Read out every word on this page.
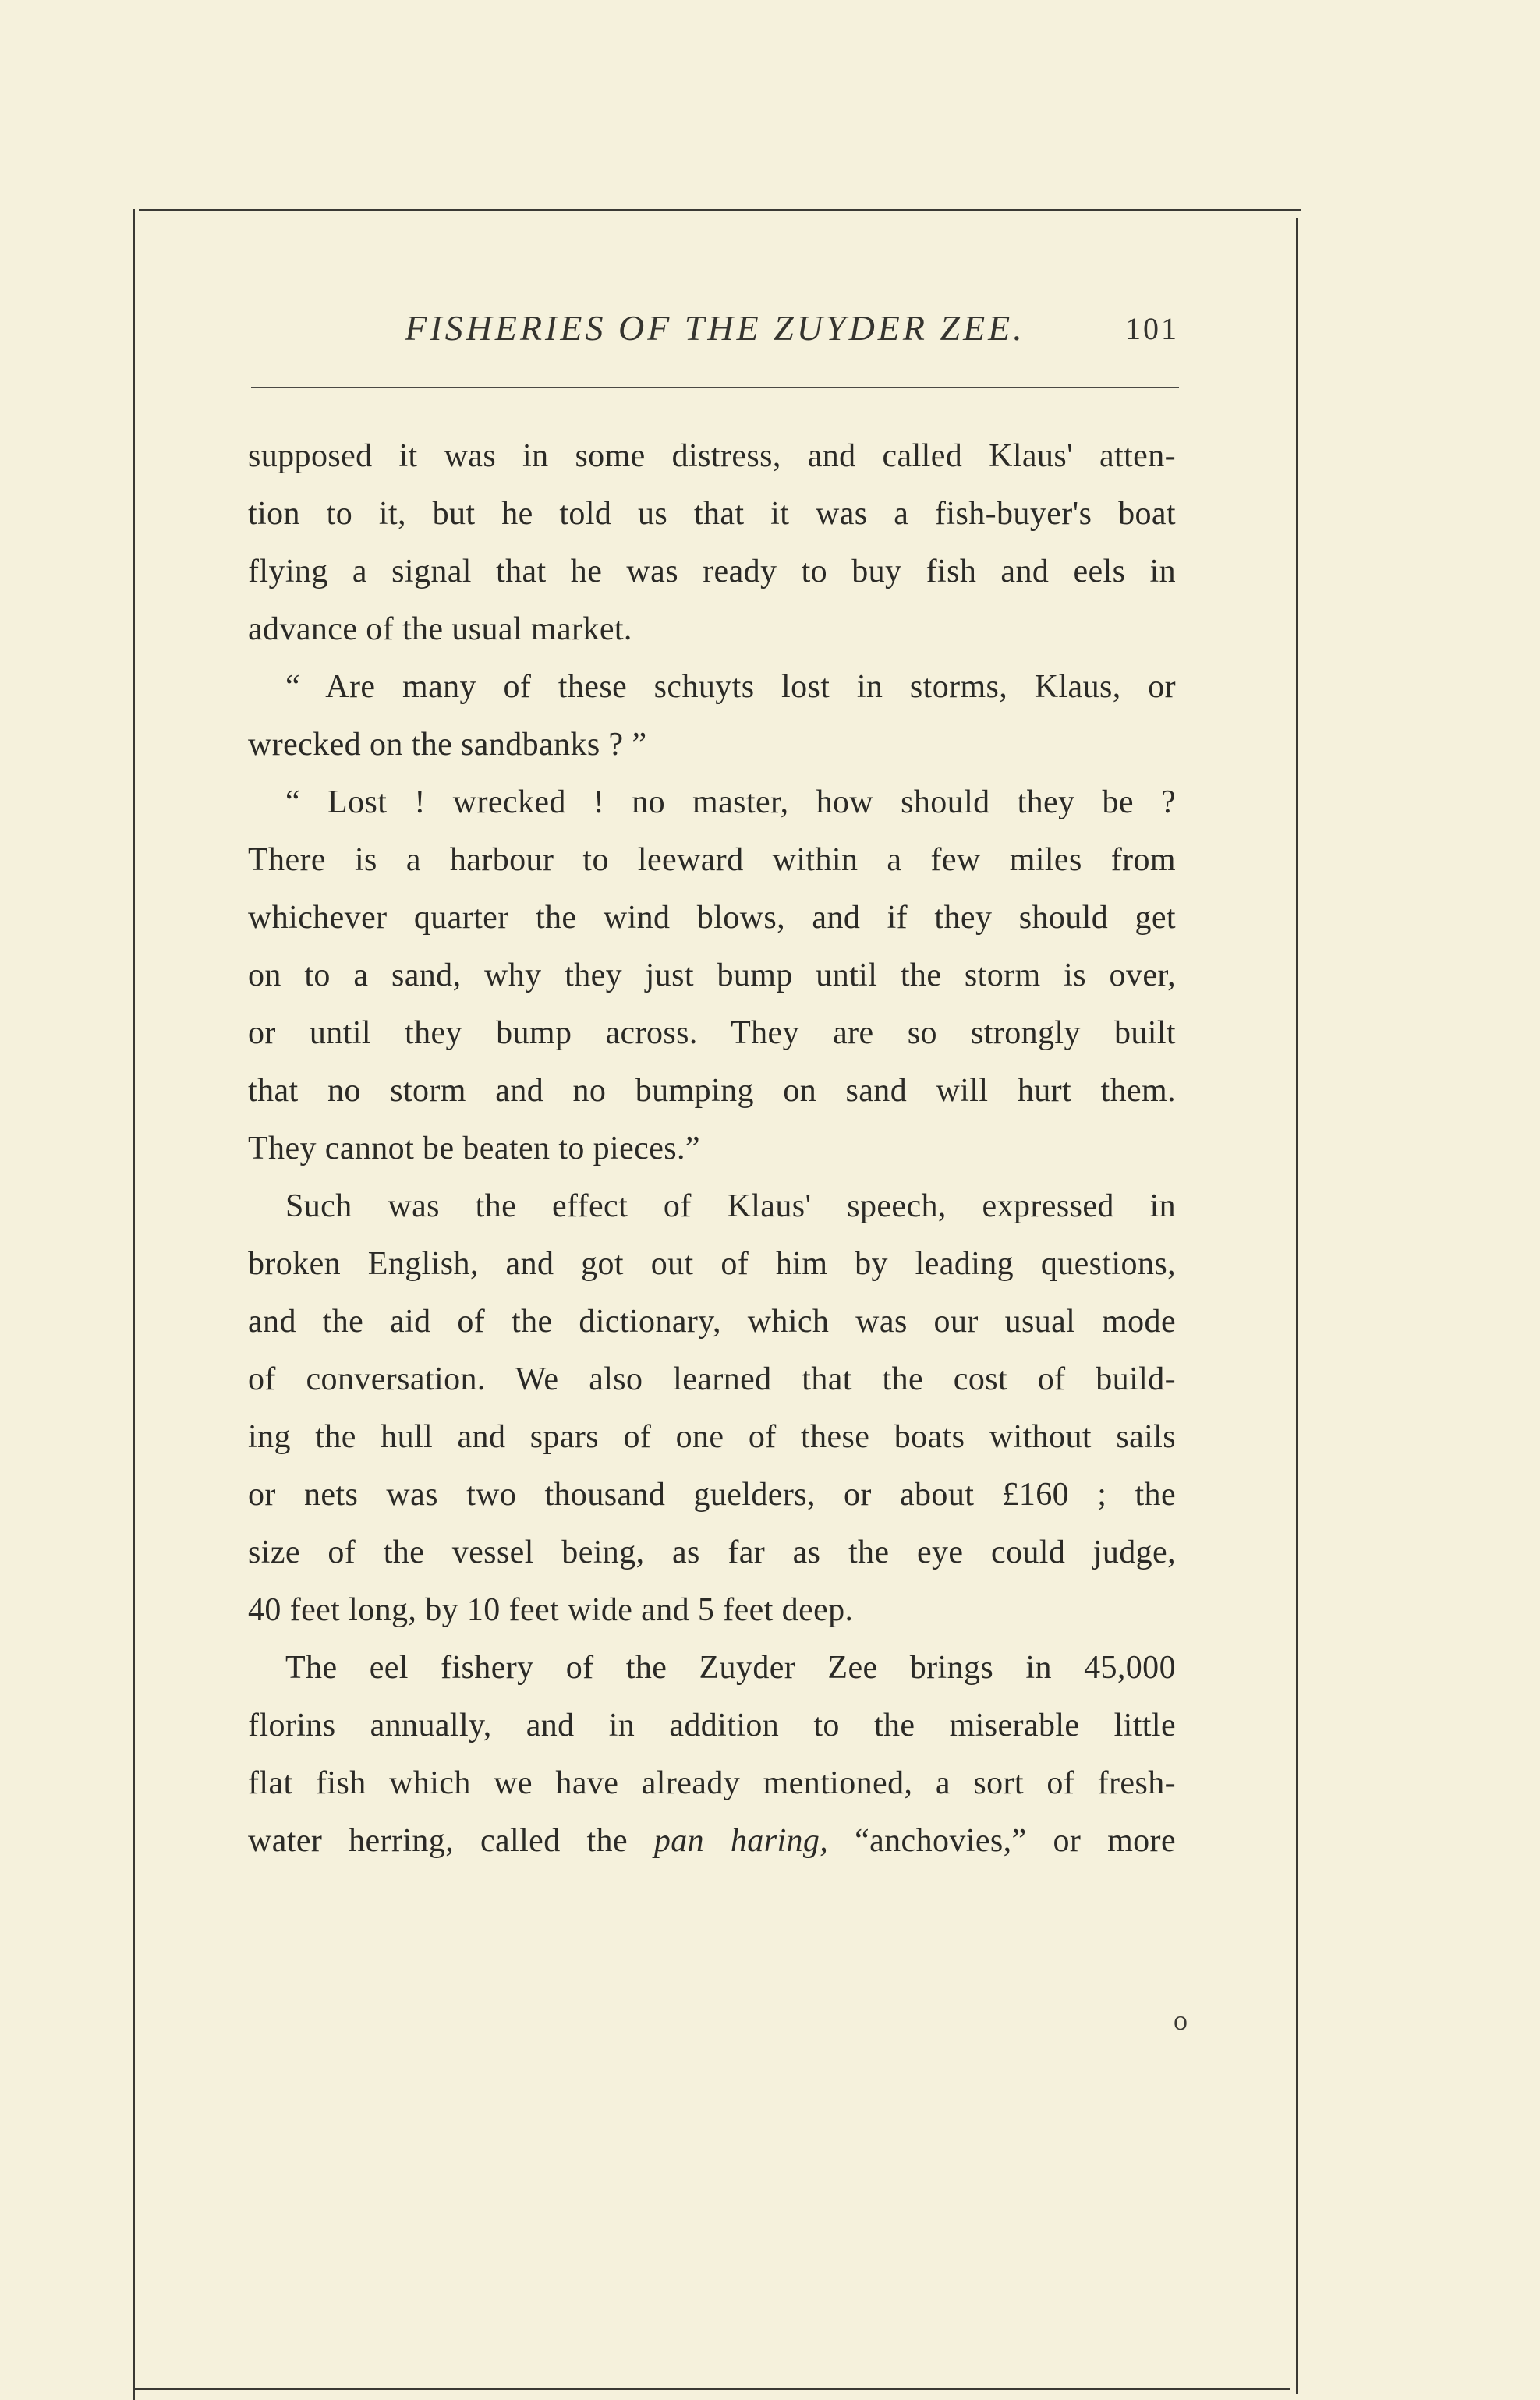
FISHERIES OF THE ZUYDER ZEE.	101
supposed it was in some distress, and called Klaus' atten-
tion to it, but he told us that it was a fish-buyer's boat
flying a signal that he was ready to buy fish and eels in
advance of the usual market.
“ Are many of these schuyts lost in storms, Klaus, or
wrecked on the sandbanks ? ”
“ Lost ! wrecked ! no master, how should they be ?
There is a harbour to leeward within a few miles from
whichever quarter the wind blows, and if they should get
on to a sand, why they just bump until the storm is over,
or until they bump across. They are so strongly built
that no storm and no bumping on sand will hurt them.
They cannot be beaten to pieces.”
Such was the effect of Klaus' speech, expressed in
broken English, and got out of him by leading questions,
and the aid of the dictionary, which was our usual mode
of conversation. We also learned that the cost of build-
ing the hull and spars of one of these boats without sails
or nets was two thousand guelders, or about £160 ; the
size of the vessel being, as far as the eye could judge,
40 feet long, by 10 feet wide and 5 feet deep.
The eel fishery of the Zuyder Zee brings in 45,000
florins annually, and in addition to the miserable little
flat fish which we have already mentioned, a sort of fresh-
water herring, called the pan haring, “anchovies,” or more
o
